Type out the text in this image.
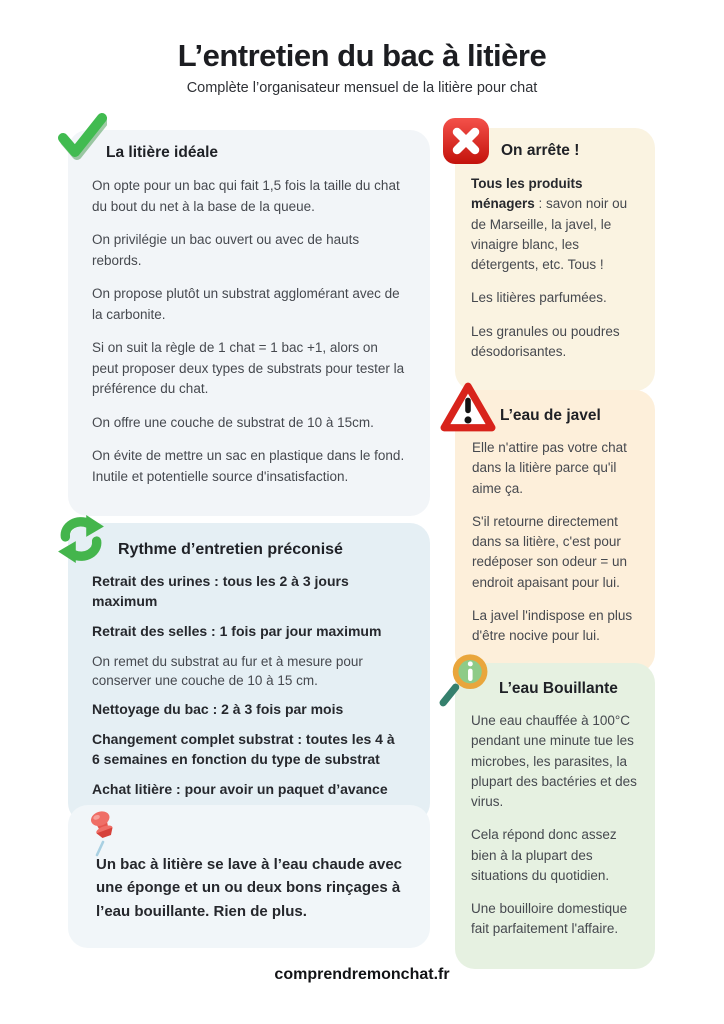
L’entretien du bac à litière
Complète l’organisateur mensuel de la litière pour chat
La litière idéale

On opte pour un bac qui fait 1,5 fois la taille du chat du bout du net à la base de la queue.

On privilégie un bac ouvert ou avec de hauts rebords.

On propose plutôt un substrat agglomérant avec de la carbonite.

Si on suit la règle de 1 chat = 1 bac +1, alors on peut proposer deux types de substrats pour tester la préférence du chat.

On offre une couche de substrat de 10 à 15cm.

On évite de mettre un sac en plastique dans le fond. Inutile et potentielle source d'insatisfaction.

Rythme d’entretien préconisé

Retrait des urines : tous les 2 à 3 jours maximum

Retrait des selles : 1 fois par jour maximum

On remet du substrat au fur et à mesure pour conserver une couche de 10 à 15 cm.

Nettoyage du bac : 2 à 3 fois par mois

Changement complet substrat : toutes les 4 à 6 semaines en fonction du type de substrat

Achat litière : pour avoir un paquet d’avance

Un bac à litière se lave à l’eau chaude avec une éponge et un ou deux bons rinçages à l’eau bouillante. Rien de plus.

On arrête !

Tous les produits ménagers : savon noir ou de Marseille, la javel, le vinaigre blanc, les détergents, etc. Tous !

Les litières parfumées.

Les granules ou poudres désodorisantes.

L’eau de javel

Elle n'attire pas votre chat dans la litière parce qu'il aime ça.

S'il retourne directement dans sa litière, c'est pour redéposer son odeur = un endroit apaisant pour lui.

La javel l'indispose en plus d'être nocive pour lui.

L’eau Bouillante

Une eau chauffée à 100°C pendant une minute tue les microbes, les parasites, la plupart des bactéries et des virus.

Cela répond donc assez bien à la plupart des situations du quotidien.

Une bouilloire domestique fait parfaitement l'affaire.

comprendremonchat.fr
